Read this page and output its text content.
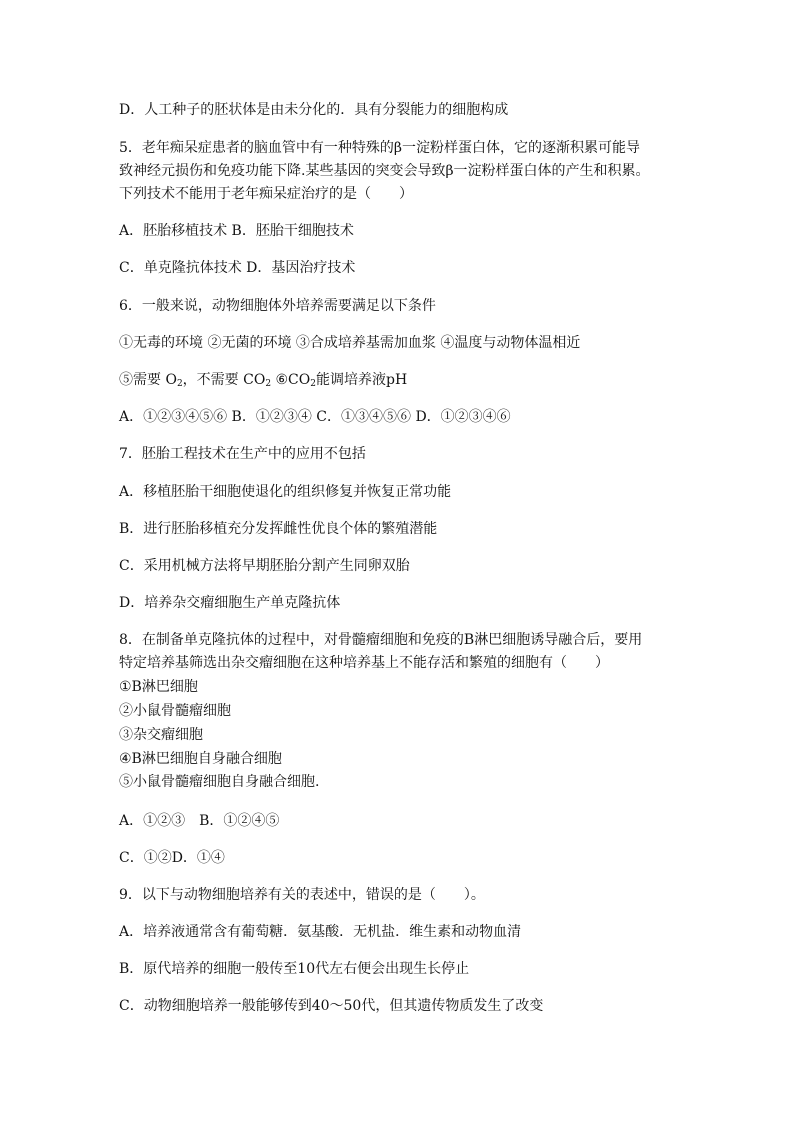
D．人工种子的胚状体是由未分化的．具有分裂能力的细胞构成
5．老年痴呆症患者的脑血管中有一种特殊的β一淀粉样蛋白体，它的逐渐积累可能导
致神经元损伤和免疫功能下降.某些基因的突变会导致β一淀粉样蛋白体的产生和积累。
下列技术不能用于老年痴呆症治疗的是（　　）
A．胚胎移植技术 B．胚胎干细胞技术
C．单克隆抗体技术 D．基因治疗技术
6．一般来说，动物细胞体外培养需要满足以下条件
①无毒的环境 ②无菌的环境 ③合成培养基需加血浆 ④温度与动物体温相近
⑤需要 $O_2$，不需要 $CO_2$ $⑥CO_2$能调培养液pH
A．①②③④⑤⑥ B．①②③④ C．①③④⑤⑥ D．①②③④⑥
7．胚胎工程技术在生产中的应用不包括
A．移植胚胎干细胞使退化的组织修复并恢复正常功能
B．进行胚胎移植充分发挥雌性优良个体的繁殖潜能
C．采用机械方法将早期胚胎分割产生同卵双胎
D．培养杂交瘤细胞生产单克隆抗体
8．在制备单克隆抗体的过程中，对骨髓瘤细胞和免疫的B淋巴细胞诱导融合后，要用
特定培养基筛选出杂交瘤细胞在这种培养基上不能存活和繁殖的细胞有（　　）
①B淋巴细胞
②小鼠骨髓瘤细胞
③杂交瘤细胞
④B淋巴细胞自身融合细胞
⑤小鼠骨髓瘤细胞自身融合细胞.
A．①②③　B．①②④⑤
C．①②D．①④
9．以下与动物细胞培养有关的表述中，错误的是（　　）。
A．培养液通常含有葡萄糖．氨基酸．无机盐．维生素和动物血清
B．原代培养的细胞一般传至10代左右便会出现生长停止
C．动物细胞培养一般能够传到40～50代，但其遗传物质发生了改变
